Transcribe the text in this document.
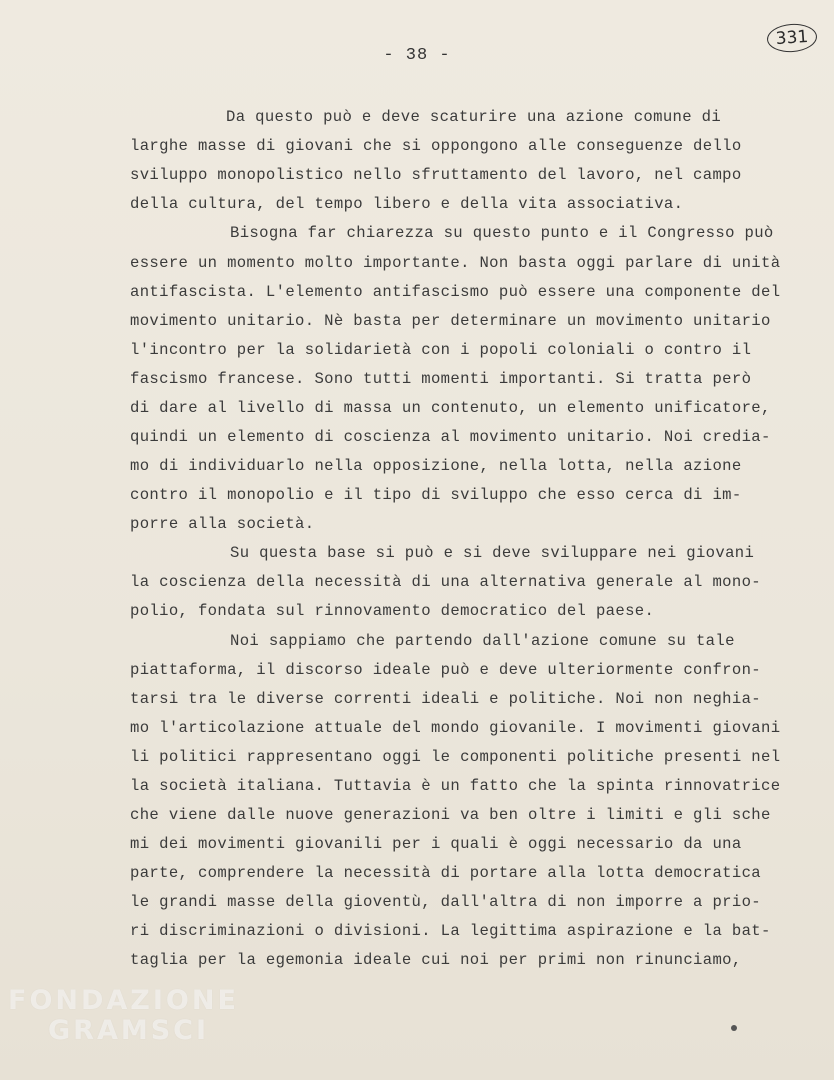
331
- 38 -
Da questo può e deve scaturire una azione comune di
larghe masse di giovani che si oppongono alle conseguenze dello
sviluppo monopolistico nello sfruttamento del lavoro, nel campo
della cultura, del tempo libero e della vita associativa.
Bisogna far chiarezza su questo punto e il Congresso può
essere un momento molto importante. Non basta oggi parlare di unità
antifascista. L'elemento antifascismo può essere una componente del
movimento unitario. Nè basta per determinare un movimento unitario
l'incontro per la solidarietà con i popoli coloniali o contro il
fascismo francese. Sono tutti momenti importanti. Si tratta però
di dare al livello di massa un contenuto, un elemento unificatore,
quindi un elemento di coscienza al movimento unitario. Noi crediа-
mo di individuarlo nella opposizione, nella lotta, nella azione
contro il monopolio e il tipo di sviluppo che esso cerca di im-
porre alla società.
Su questa base si può e si deve sviluppare nei giovani
la coscienza della necessità di una alternativa generale al mono-
polio, fondata sul rinnovamento democratico del paese.
Noi sappiamo che partendo dall'azione comune su tale
piattaforma, il discorso ideale può e deve ulteriormente confron-
tarsi tra le diverse correnti ideali e politiche. Noi non neghia-
mo l'articolazione attuale del mondo giovanile. I movimenti giovani
li politici rappresentano oggi le componenti politiche presenti nel
la società italiana. Tuttavia è un fatto che la spinta rinnovatrice
che viene dalle nuove generazioni va ben oltre i limiti e gli sche
mi dei movimenti giovanili per i quali è oggi necessario da una
parte, comprendere la necessità di portare alla lotta democratica
le grandi masse della gioventù, dall'altra di non imporre a prio-
ri discriminazioni o divisioni. La legittima aspirazione e la bat-
taglia per la egemonia ideale cui noi per primi non rinunciamo,
FONDAZIONE
GRAMSCI
